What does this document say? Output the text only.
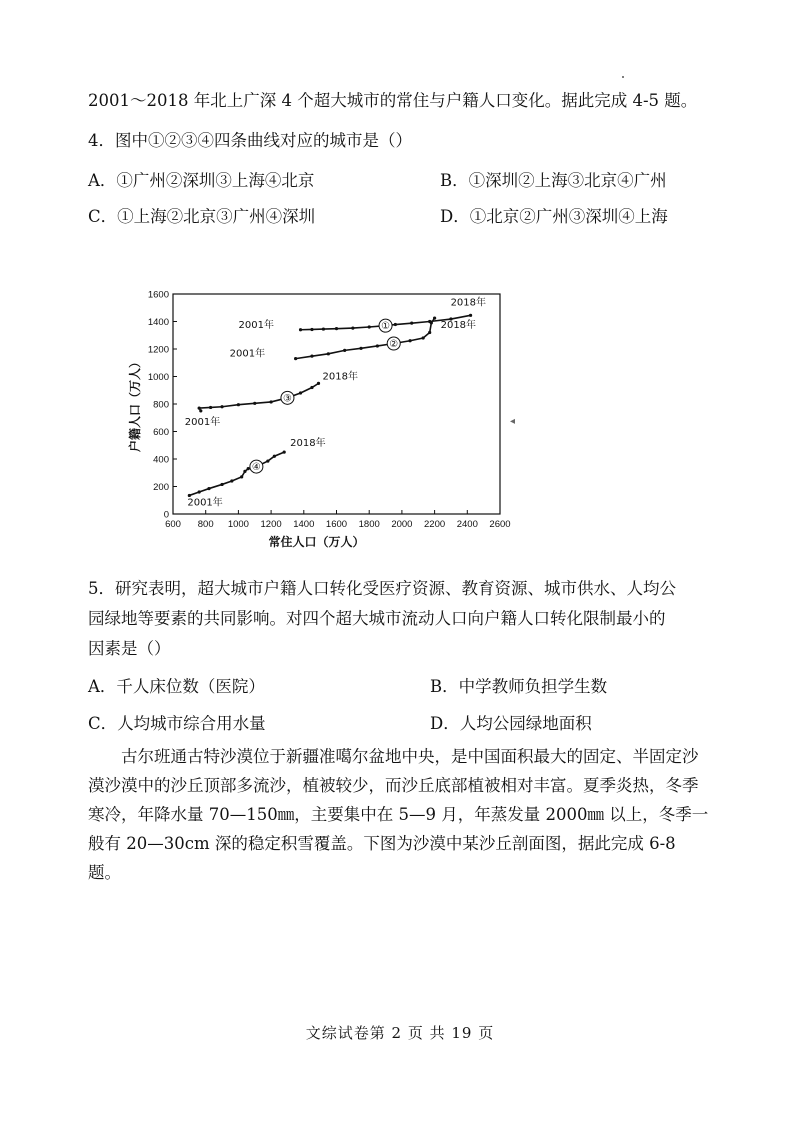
2001～2018 年北上广深 4 个超大城市的常住与户籍人口变化。据此完成 4-5 题。
4．图中①②③④四条曲线对应的城市是（）
A．①广州②深圳③上海④北京	B．①深圳②上海③北京④广州
C．①上海②北京③广州④深圳	D．①北京②广州③深圳④上海
600 800 1000 1200 1400 1600 1800 2000 2200 2400 2600
0
200
400
600
800
1000
1200
1400
1600
常住人口（万人）
户籍人口（万人）
①
2001年
2018年
②
2001年
2018年
③
2001年
2018年
④
2001年
2018年
◂
5．研究表明，超大城市户籍人口转化受医疗资源、教育资源、城市供水、人均公
园绿地等要素的共同影响。对四个超大城市流动人口向户籍人口转化限制最小的
因素是（）
A．千人床位数（医院）	B．中学教师负担学生数
C．人均城市综合用水量	D．人均公园绿地面积
古尔班通古特沙漠位于新疆准噶尔盆地中央，是中国面积最大的固定、半固定沙漠沙漠中的沙丘顶部多流沙，植被较少，而沙丘底部植被相对丰富。夏季炎热，冬季寒冷，年降水量 70—150㎜，主要集中在 5—9 月，年蒸发量 2000㎜ 以上，冬季一般有 20—30cm 深的稳定积雪覆盖。下图为沙漠中某沙丘剖面图，据此完成 6-8 题。
文综试卷第 2 页 共 19 页
